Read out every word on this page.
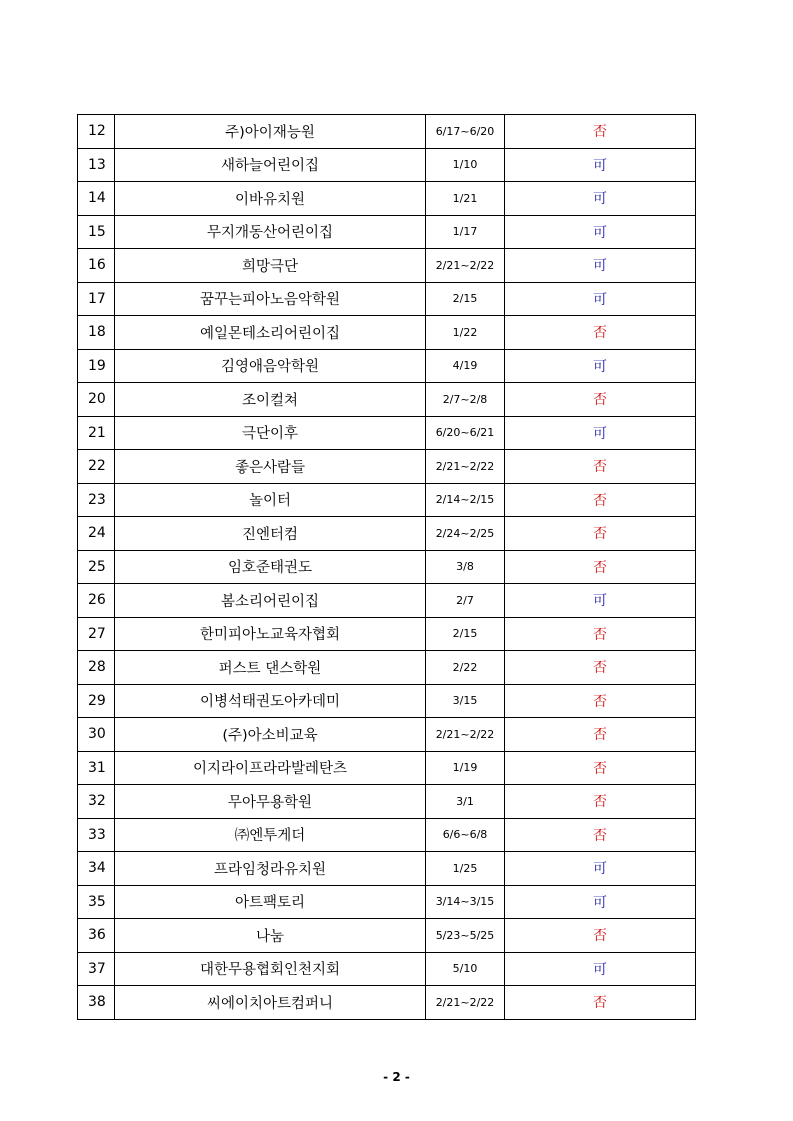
12	주)아이재능원	6/17~6/20	否
13	새하늘어린이집	1/10	可
14	이바유치원	1/21	可
15	무지개동산어린이집	1/17	可
16	희망극단	2/21~2/22	可
17	꿈꾸는피아노음악학원	2/15	可
18	예일몬테소리어린이집	1/22	否
19	김영애음악학원	4/19	可
20	조이컬쳐	2/7~2/8	否
21	극단이후	6/20~6/21	可
22	좋은사람들	2/21~2/22	否
23	놀이터	2/14~2/15	否
24	진엔터컴	2/24~2/25	否
25	임호준태권도	3/8	否
26	봄소리어린이집	2/7	可
27	한미피아노교육자협회	2/15	否
28	퍼스트 댄스학원	2/22	否
29	이병석태권도아카데미	3/15	否
30	(주)아소비교육	2/21~2/22	否
31	이지라이프라라발레탄츠	1/19	否
32	무아무용학원	3/1	否
33	㈜엔투게더	6/6~6/8	否
34	프라임청라유치원	1/25	可
35	아트팩토리	3/14~3/15	可
36	나눔	5/23~5/25	否
37	대한무용협회인천지회	5/10	可
38	씨에이치아트컴퍼니	2/21~2/22	否
- 2 -
